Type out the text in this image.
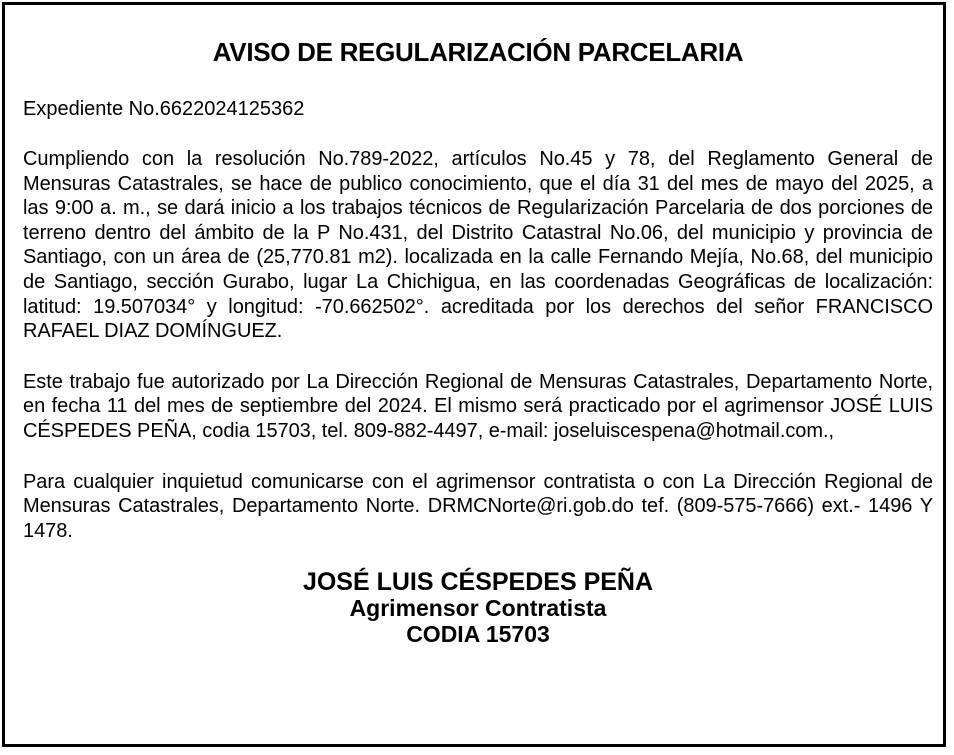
AVISO DE REGULARIZACIÓN PARCELARIA
Expediente No.6622024125362

Cumpliendo con la resolución No.789-2022, artículos No.45 y 78, del Reglamento General de Mensuras Catastrales, se hace de publico conocimiento, que el día 31 del mes de mayo del 2025, a las 9:00 a. m., se dará inicio a los trabajos técnicos de Regularización Parcelaria de dos porciones de terreno dentro del ámbito de la P No.431, del Distrito Catastral No.06, del municipio y provincia de Santiago, con un área de (25,770.81 m2). localizada en la calle Fernando Mejía, No.68, del municipio de Santiago, sección Gurabo, lugar La Chichigua, en las coordenadas Geográficas de localización: latitud: 19.507034° y longitud: -70.662502°. acreditada por los derechos del señor FRANCISCO RAFAEL DIAZ DOMÍNGUEZ.

Este trabajo fue autorizado por La Dirección Regional de Mensuras Catastrales, Departamento Norte, en fecha 11 del mes de septiembre del 2024. El mismo será practicado por el agrimensor JOSÉ LUIS CÉSPEDES PEÑA, codia 15703, tel. 809-882-4497, e-mail: joseluiscespena@hotmail.com.,

Para cualquier inquietud comunicarse con el agrimensor contratista o con La Dirección Regional de Mensuras Catastrales, Departamento Norte. DRMCNorte@ri.gob.do tef. (809-575-7666) ext.- 1496 Y 1478.

JOSÉ LUIS CÉSPEDES PEÑA
Agrimensor Contratista
CODIA 15703
